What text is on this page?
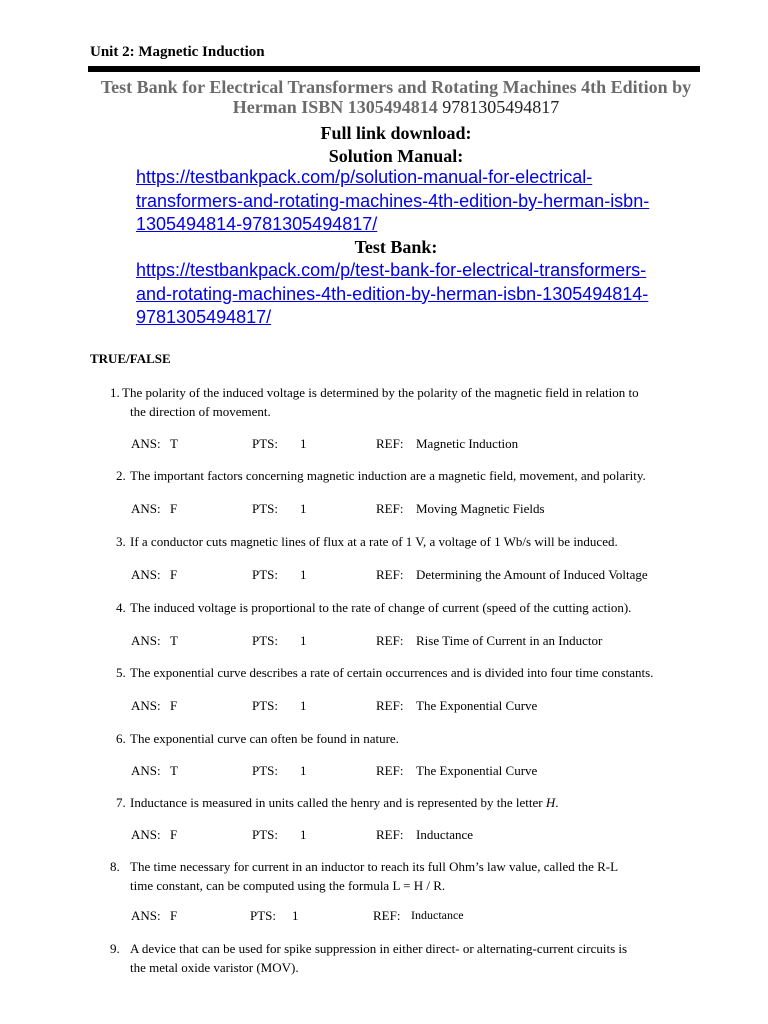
Unit 2: Magnetic Induction
Test Bank for Electrical Transformers and Rotating Machines 4th Edition by
Herman ISBN 1305494814 9781305494817
Full link download:
Solution Manual:
https://testbankpack.com/p/solution-manual-for-electrical-
transformers-and-rotating-machines-4th-edition-by-herman-isbn-
1305494814-9781305494817/
Test Bank:
https://testbankpack.com/p/test-bank-for-electrical-transformers-
and-rotating-machines-4th-edition-by-herman-isbn-1305494814-
9781305494817/
TRUE/FALSE
1. The polarity of the induced voltage is determined by the polarity of the magnetic field in relation to
the direction of movement.
ANS: T	PTS: 1	REF: Magnetic Induction
2. The important factors concerning magnetic induction are a magnetic field, movement, and polarity.
ANS: F	PTS: 1	REF: Moving Magnetic Fields
3. If a conductor cuts magnetic lines of flux at a rate of 1 V, a voltage of 1 Wb/s will be induced.
ANS: F	PTS: 1	REF: Determining the Amount of Induced Voltage
4. The induced voltage is proportional to the rate of change of current (speed of the cutting action).
ANS: T	PTS: 1	REF: Rise Time of Current in an Inductor
5. The exponential curve describes a rate of certain occurrences and is divided into four time constants.
ANS: F	PTS: 1	REF: The Exponential Curve
6. The exponential curve can often be found in nature.
ANS: T	PTS: 1	REF: The Exponential Curve
7. Inductance is measured in units called the henry and is represented by the letter H.
ANS: F	PTS: 1	REF: Inductance
8. The time necessary for current in an inductor to reach its full Ohm’s law value, called the R-L
time constant, can be computed using the formula L = H / R.
ANS: F	PTS: 1	REF: Inductance
9. A device that can be used for spike suppression in either direct- or alternating-current circuits is
the metal oxide varistor (MOV).
